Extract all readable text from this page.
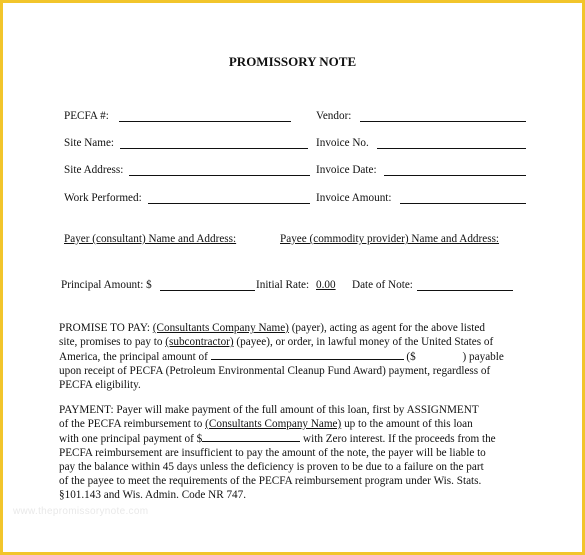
PROMISSORY NOTE
PECFA #:	Vendor:
Site Name:	Invoice No.
Site Address:	Invoice Date:
Work Performed:	Invoice Amount:
Payer (consultant) Name and Address:	Payee (commodity provider) Name and Address:
Principal Amount: $	Initial Rate: 0.00 Date of Note:
PROMISE TO PAY: (Consultants Company Name) (payer), acting as agent for the above listed
site, promises to pay to (subcontractor) (payee), or order, in lawful money of the United States of
America, the principal amount of	($	) payable
upon receipt of PECFA (Petroleum Environmental Cleanup Fund Award) payment, regardless of
PECFA eligibility.
PAYMENT: Payer will make payment of the full amount of this loan, first by ASSIGNMENT
of the PECFA reimbursement to (Consultants Company Name) up to the amount of this loan
with one principal payment of $	with Zero interest. If the proceeds from the
PECFA reimbursement are insufficient to pay the amount of the note, the payer will be liable to
pay the balance within 45 days unless the deficiency is proven to be due to a failure on the part
of the payee to meet the requirements of the PECFA reimbursement program under Wis. Stats.
§101.143 and Wis. Admin. Code NR 747.
www.thepromissorynote.com
